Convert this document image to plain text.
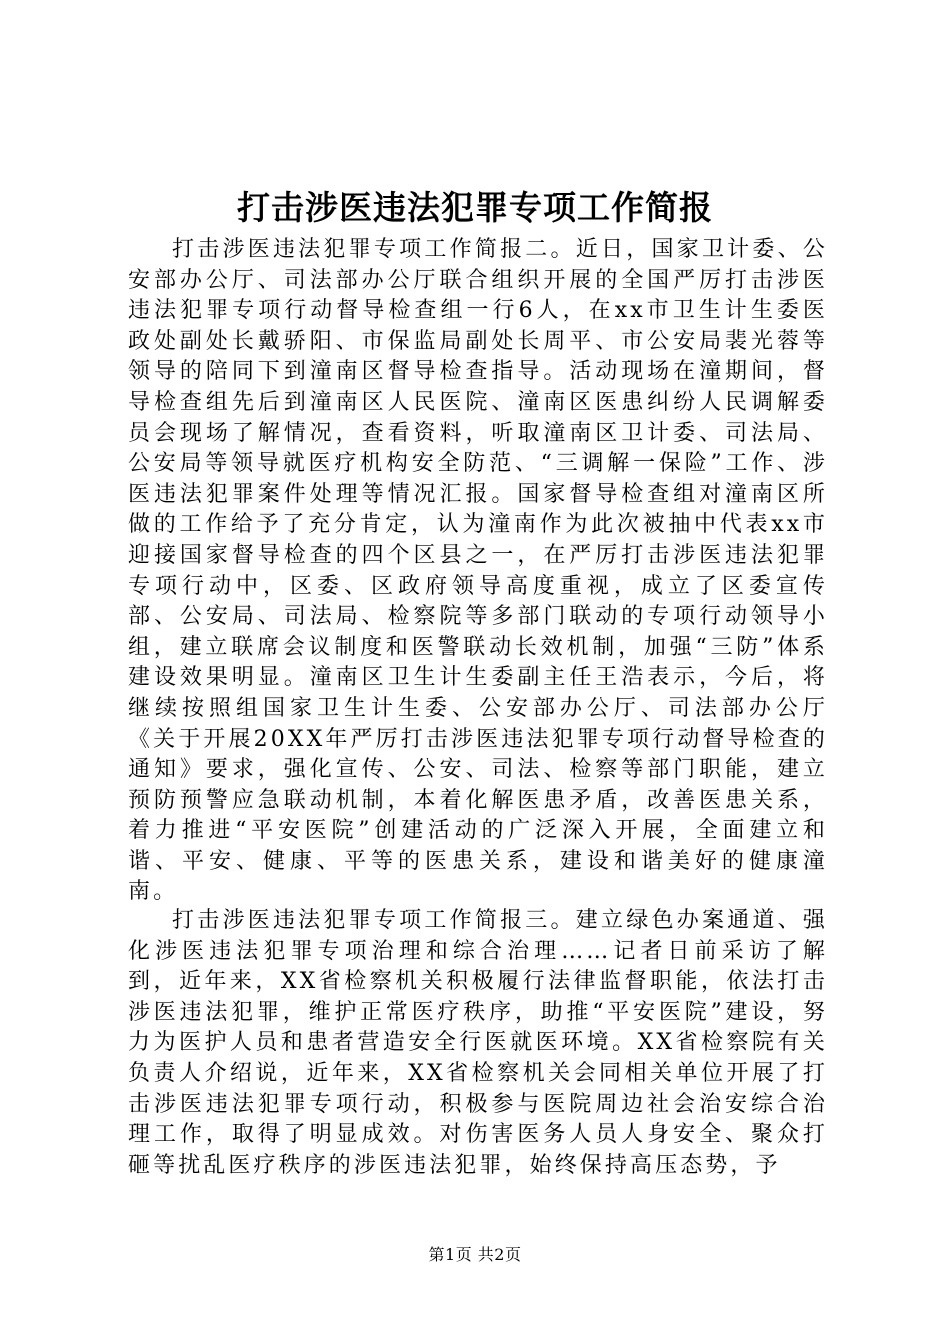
打击涉医违法犯罪专项工作简报

打击涉医违法犯罪专项工作简报二。近日，国家卫计委、公安部办公厅、司法部办公厅联合组织开展的全国严厉打击涉医违法犯罪专项行动督导检查组一行6人，在xx市卫生计生委医政处副处长戴骄阳、市保监局副处长周平、市公安局裴光蓉等领导的陪同下到潼南区督导检查指导。活动现场在潼期间，督导检查组先后到潼南区人民医院、潼南区医患纠纷人民调解委员会现场了解情况，查看资料，听取潼南区卫计委、司法局、公安局等领导就医疗机构安全防范、“三调解一保险”工作、涉医违法犯罪案件处理等情况汇报。国家督导检查组对潼南区所做的工作给予了充分肯定，认为潼南作为此次被抽中代表xx市迎接国家督导检查的四个区县之一，在严厉打击涉医违法犯罪专项行动中，区委、区政府领导高度重视，成立了区委宣传部、公安局、司法局、检察院等多部门联动的专项行动领导小组，建立联席会议制度和医警联动长效机制，加强“三防”体系建设效果明显。潼南区卫生计生委副主任王浩表示，今后，将继续按照组国家卫生计生委、公安部办公厅、司法部办公厅《关于开展20XX年严厉打击涉医违法犯罪专项行动督导检查的通知》要求，强化宣传、公安、司法、检察等部门职能，建立预防预警应急联动机制，本着化解医患矛盾，改善医患关系，着力推进“平安医院”创建活动的广泛深入开展，全面建立和谐、平安、健康、平等的医患关系，建设和谐美好的健康潼南。

打击涉医违法犯罪专项工作简报三。建立绿色办案通道、强化涉医违法犯罪专项治理和综合治理……记者日前采访了解到，近年来，XX省检察机关积极履行法律监督职能，依法打击涉医违法犯罪，维护正常医疗秩序，助推“平安医院”建设，努力为医护人员和患者营造安全行医就医环境。XX省检察院有关负责人介绍说，近年来，XX省检察机关会同相关单位开展了打击涉医违法犯罪专项行动，积极参与医院周边社会治安综合治理工作，取得了明显成效。对伤害医务人员人身安全、聚众打砸等扰乱医疗秩序的涉医违法犯罪，始终保持高压态势，予

第1页 共2页
